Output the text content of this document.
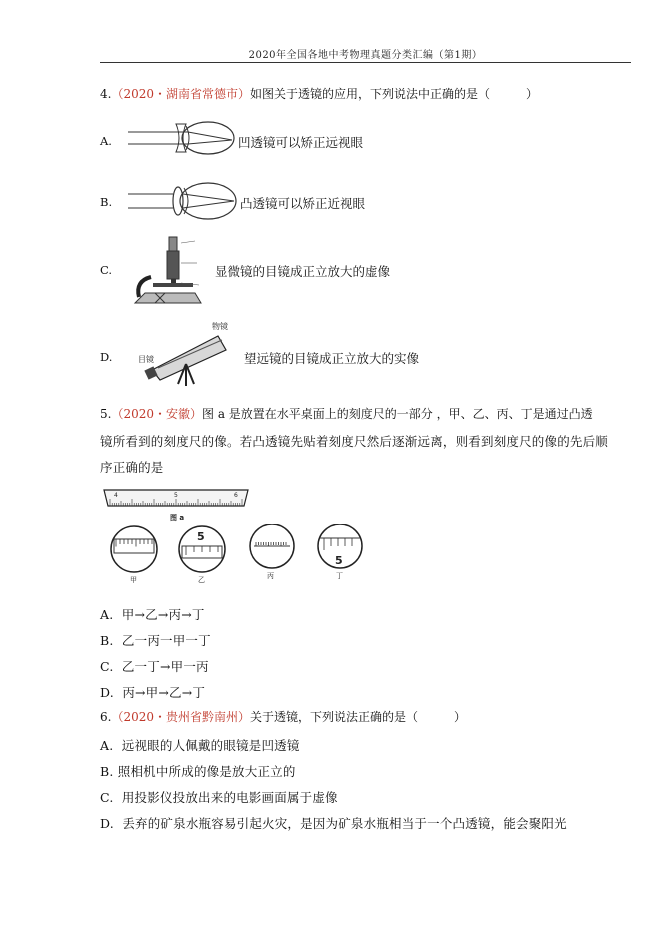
2020年全国各地中考物理真题分类汇编（第1期）
4.（2020・湖南省常德市）如图关于透镜的应用，下列说法中正确的是（　　　）
A.	凹透镜可以矫正远视眼
B.	凸透镜可以矫正近视眼
C.	显微镜的目镜成正立放大的虚像
D.
物镜
目镜	望远镜的目镜成正立放大的实像
5.（2020・安徽）图 a 是放置在水平桌面上的刻度尺的一部分 ，甲、乙、丙、丁是通过凸透
镜所看到的刻度尺的像。若凸透镜先贴着刻度尺然后逐渐远离，则看到刻度尺的像的先后顺
序正确的是
4	5	6
图 a
甲
5
乙	丙
5
丁
A. 甲→乙→丙→丁
B. 乙一丙一甲一丁
C. 乙一丁→甲一丙
D. 丙→甲→乙→丁
6.（2020・贵州省黔南州）关于透镜，下列说法正确的是（　　　）
A. 远视眼的人佩戴的眼镜是凹透镜
B. 照相机中所成的像是放大正立的
C. 用投影仪投放出来的电影画面属于虚像
D. 丢弃的矿泉水瓶容易引起火灾，是因为矿泉水瓶相当于一个凸透镜，能会聚阳光
